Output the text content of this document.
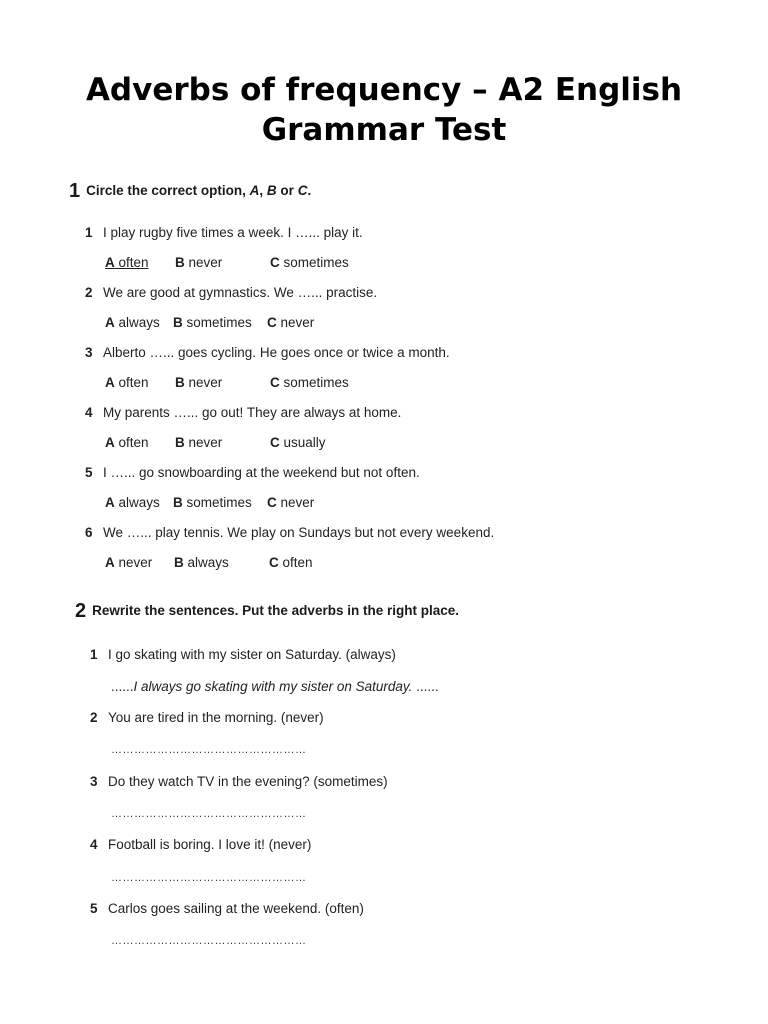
Adverbs of frequency – A2 English
Grammar Test
1 Circle the correct option, A, B or C.
1 I play rugby five times a week. I …... play it.
A often B never	C sometimes
2 We are good at gymnastics. We …... practise.
A always B sometimes C never
3 Alberto …... goes cycling. He goes once or twice a month.
A often B never	C sometimes
4 My parents …... go out! They are always at home.
A often B never	C usually
5 I …... go snowboarding at the weekend but not often.
A always B sometimes C never
6 We …... play tennis. We play on Sundays but not every weekend.
A never B always	C often
2 Rewrite the sentences. Put the adverbs in the right place.
1 I go skating with my sister on Saturday. (always)
......I always go skating with my sister on Saturday. ......
2 You are tired in the morning. (never)
……………………………………………
3 Do they watch TV in the evening? (sometimes)
……………………………………………
4 Football is boring. I love it! (never)
……………………………………………
5 Carlos goes sailing at the weekend. (often)
……………………………………………
